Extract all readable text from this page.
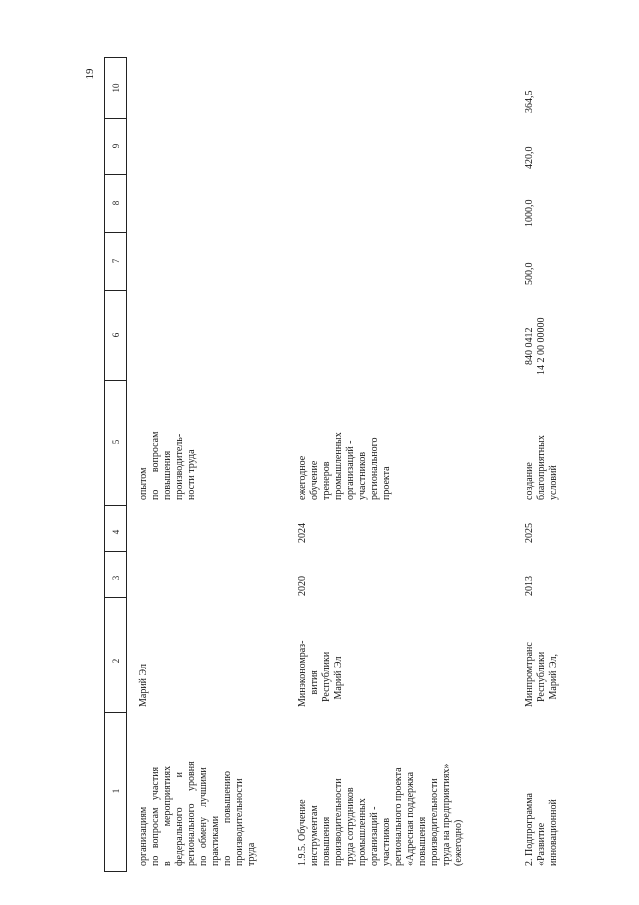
19
1
2
3
4
5
6
7
8
9
10
организациям
по   вопросам   участия
в              мероприятиях
федерального            и
регионального     уровня
по   обмену    лучшими
практиками
по             повышению
производительности
труда
Марий Эл
опытом
по       вопросам
повышения
производитель-
ности труда
1.9.5. Обучение
инструментам
повышения
производительности
труда сотрудников
промышленных
организаций -
участников
регионального проекта
«Адресная поддержка
повышения
производительности
труда на предприятиях»
(ежегодно)
Минэкономраз-
вития
Республики
Марий Эл
2020
2024
ежегодное
обучение
тренеров
промышленных
организаций -
участников
регионального
проекта
2. Подпрограмма
«Развитие
инновационной
Минпромтранс
Республики
Марий Эл,
2013
2025
создание
благоприятных
условий
840 0412
14 2 00 00000
500,0
1000,0
420,0
364,5
